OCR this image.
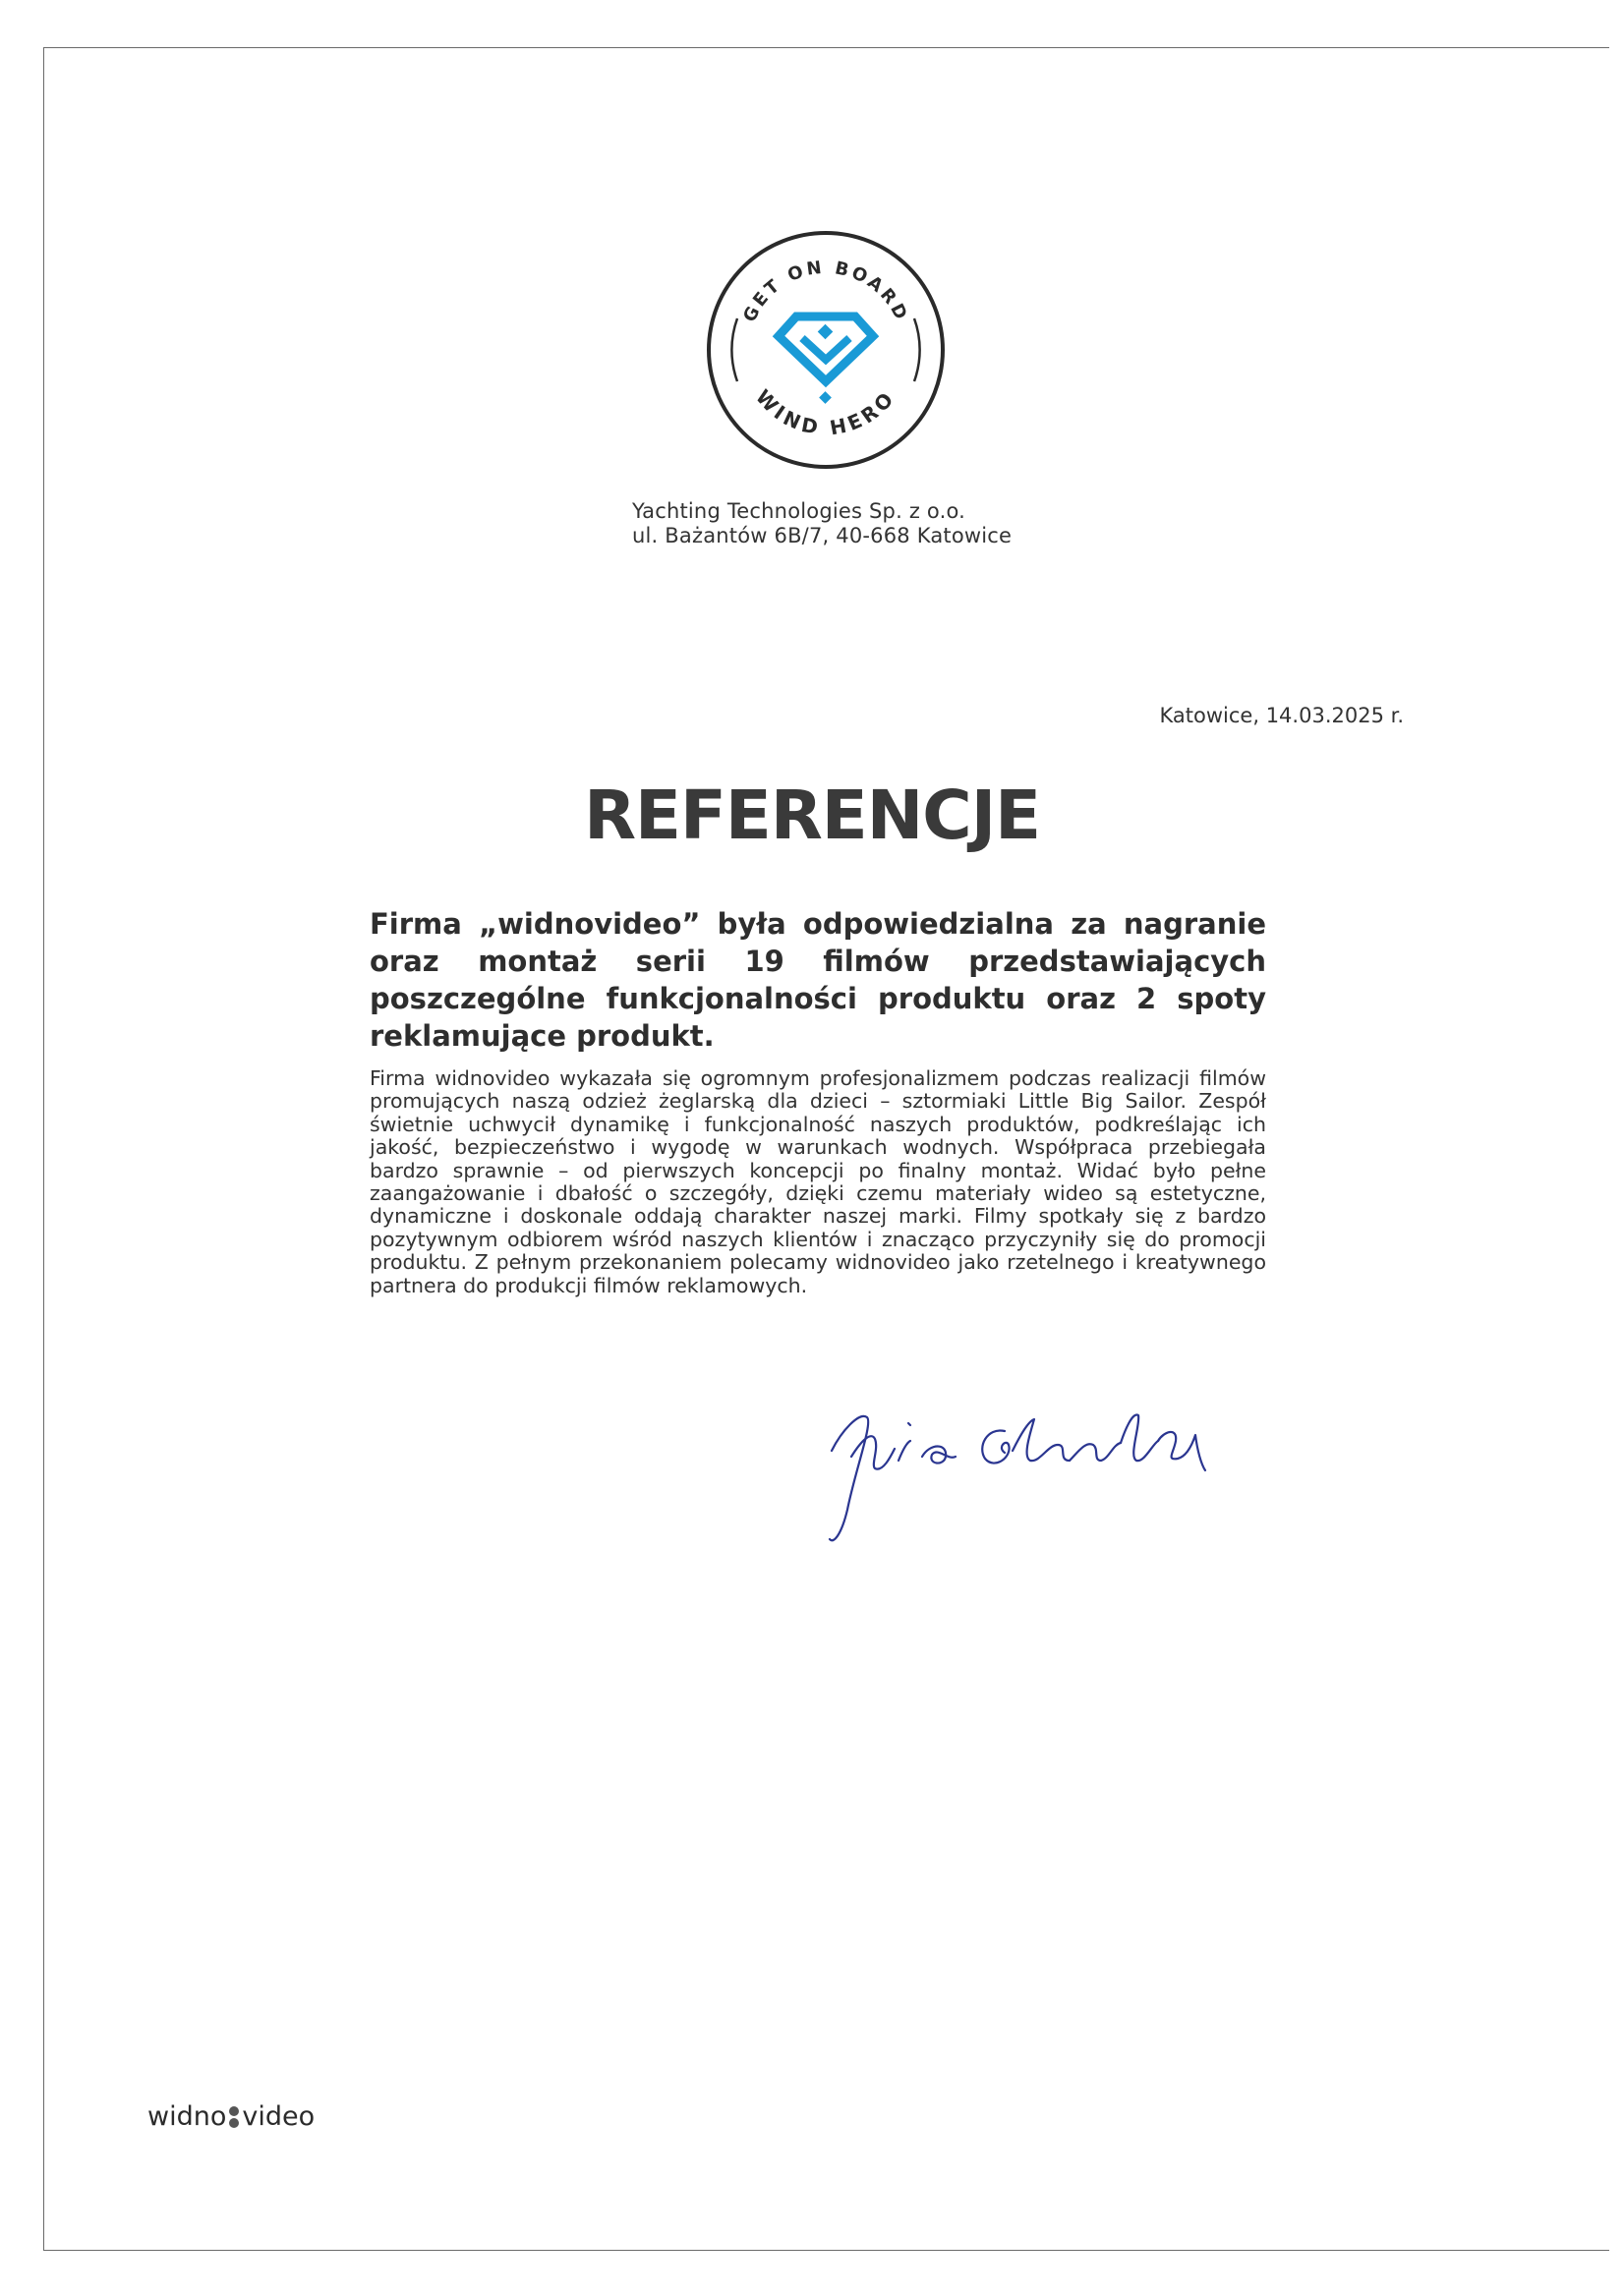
GET ON BOARD
WIND HERO
Yachting Technologies Sp. z o.o.
ul. Bażantów 6B/7, 40-668 Katowice
Katowice, 14.03.2025 r.
REFERENCJE
Firma „widnovideo” była odpowiedzialna za nagranie oraz montaż serii 19 filmów przedstawiających poszczególne funkcjonalności produktu oraz 2 spoty reklamujące produkt.
Firma widnovideo wykazała się ogromnym profesjonalizmem podczas realizacji filmów promujących naszą odzież żeglarską dla dzieci – sztormiaki Little Big Sailor. Zespół świetnie uchwycił dynamikę i funkcjonalność naszych produktów, podkreślając ich jakość, bezpieczeństwo i wygodę w warunkach wodnych. Współpraca przebiegała bardzo sprawnie – od pierwszych koncepcji po finalny montaż. Widać było pełne zaangażowanie i dbałość o szczegóły, dzięki czemu materiały wideo są estetyczne, dynamiczne i doskonale oddają charakter naszej marki. Filmy spotkały się z bardzo pozytywnym odbiorem wśród naszych klientów i znacząco przyczyniły się do promocji produktu. Z pełnym przekonaniem polecamy widnovideo jako rzetelnego i kreatywnego partnera do produkcji filmów reklamowych.
widno video
